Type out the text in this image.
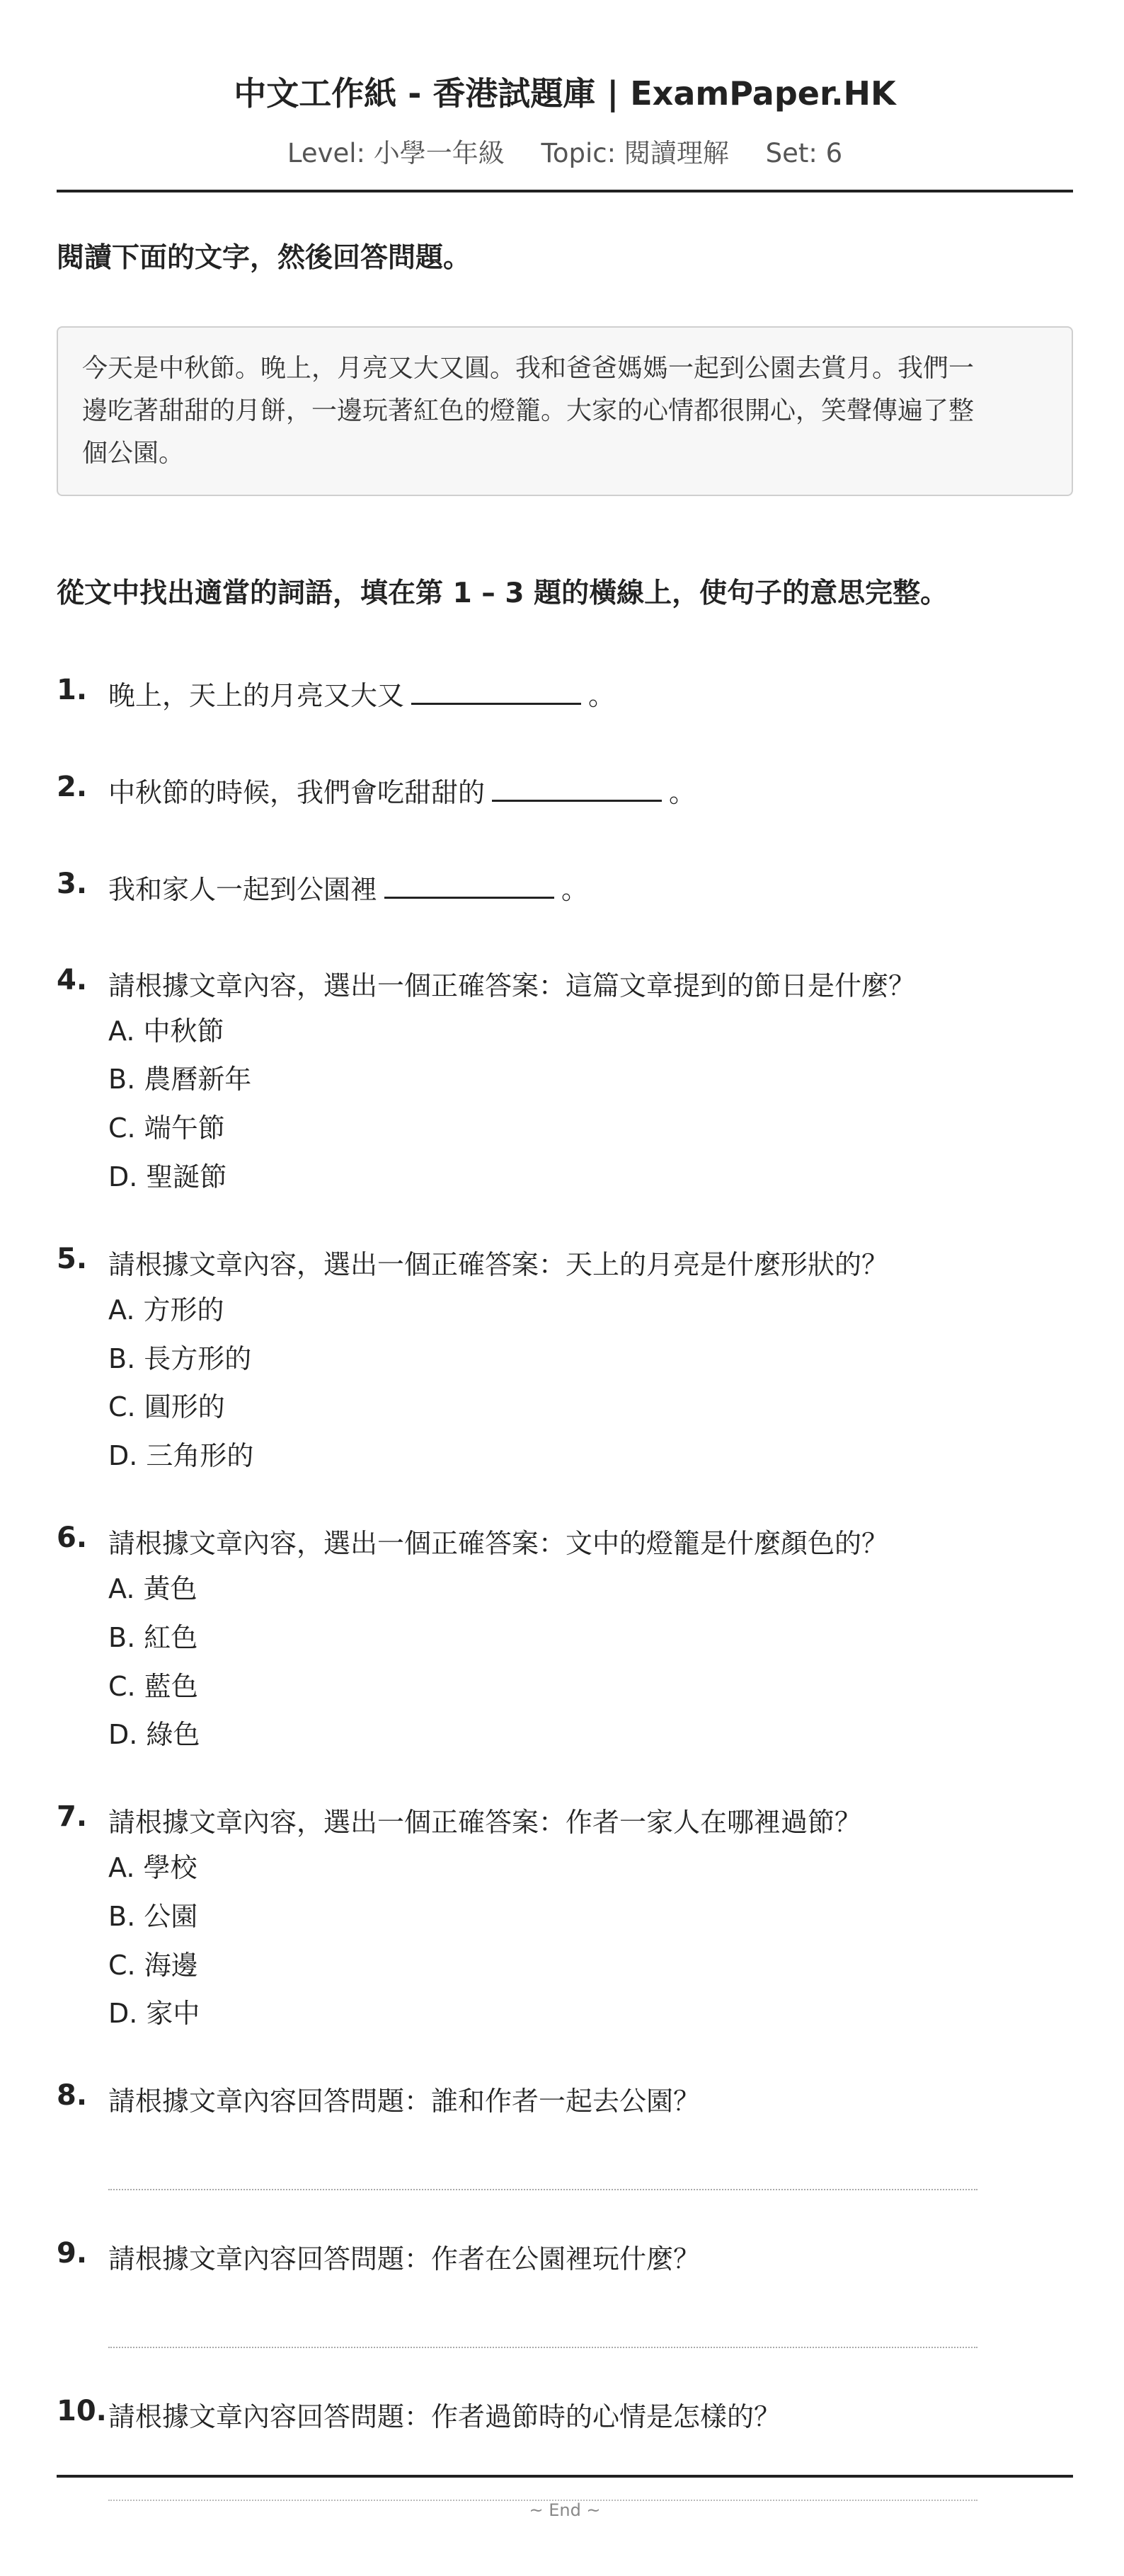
中文工作紙 - 香港試題庫 | ExamPaper.HK
Level: 小學一年級 Topic: 閱讀理解 Set: 6
閱讀下面的文字，然後回答問題。
今天是中秋節。晚上，月亮又大又圓。我和爸爸媽媽一起到公園去賞月。我們一
邊吃著甜甜的月餅，一邊玩著紅色的燈籠。大家的心情都很開心，笑聲傳遍了整
個公園。
從文中找出適當的詞語，填在第 1 – 3 題的橫線上，使句子的意思完整。
1. 晚上，天上的月亮又大又	。
2. 中秋節的時候，我們會吃甜甜的	。
3. 我和家人一起到公園裡	。
4. 請根據文章內容，選出一個正確答案：這篇文章提到的節日是什麼？
A. 中秋節
B. 農曆新年
C. 端午節
D. 聖誕節
5. 請根據文章內容，選出一個正確答案：天上的月亮是什麼形狀的？
A. 方形的
B. 長方形的
C. 圓形的
D. 三角形的
6. 請根據文章內容，選出一個正確答案：文中的燈籠是什麼顏色的？
A. 黃色
B. 紅色
C. 藍色
D. 綠色
7. 請根據文章內容，選出一個正確答案：作者一家人在哪裡過節？
A. 學校
B. 公園
C. 海邊
D. 家中
8. 請根據文章內容回答問題：誰和作者一起去公園？
9. 請根據文章內容回答問題：作者在公園裡玩什麼？
10. 請根據文章內容回答問題：作者過節時的心情是怎樣的？
~ End ~
